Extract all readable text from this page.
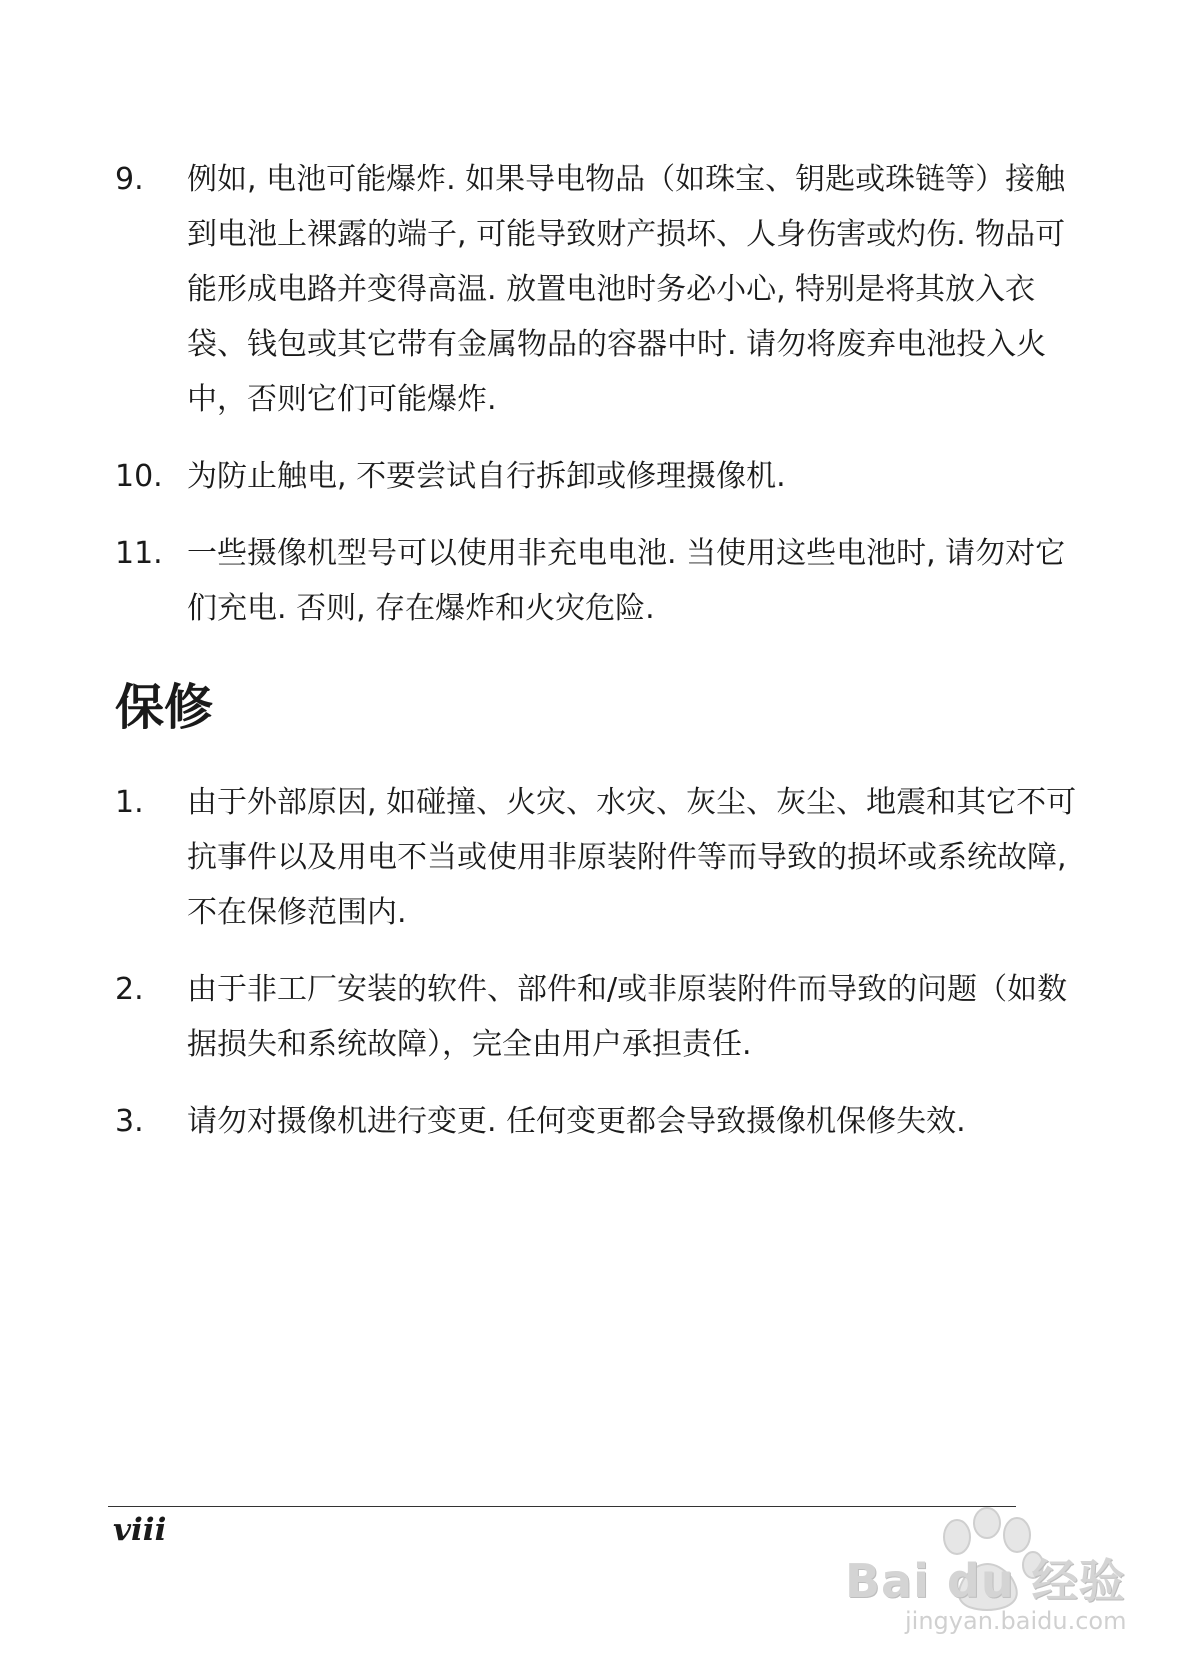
9.	例如, 电池可能爆炸. 如果导电物品（如珠宝、钥匙或珠链等）接触到电池上裸露的端子, 可能导致财产损坏、人身伤害或灼伤. 物品可能形成电路并变得高温. 放置电池时务必小心, 特别是将其放入衣袋、钱包或其它带有金属物品的容器中时. 请勿将废弃电池投入火中，否则它们可能爆炸.
10. 为防止触电, 不要尝试自行拆卸或修理摄像机.
11. 一些摄像机型号可以使用非充电电池. 当使用这些电池时, 请勿对它们充电. 否则, 存在爆炸和火灾危险.
保修
1.	由于外部原因, 如碰撞、火灾、水灾、灰尘、灰尘、地震和其它不可抗事件以及用电不当或使用非原装附件等而导致的损坏或系统故障, 不在保修范围内.
2.	由于非工厂安装的软件、部件和/或非原装附件而导致的问题（如数据损失和系统故障），完全由用户承担责任.
3.	请勿对摄像机进行变更. 任何变更都会导致摄像机保修失效.
viii
Bai du 经验
jingyan.baidu.com
